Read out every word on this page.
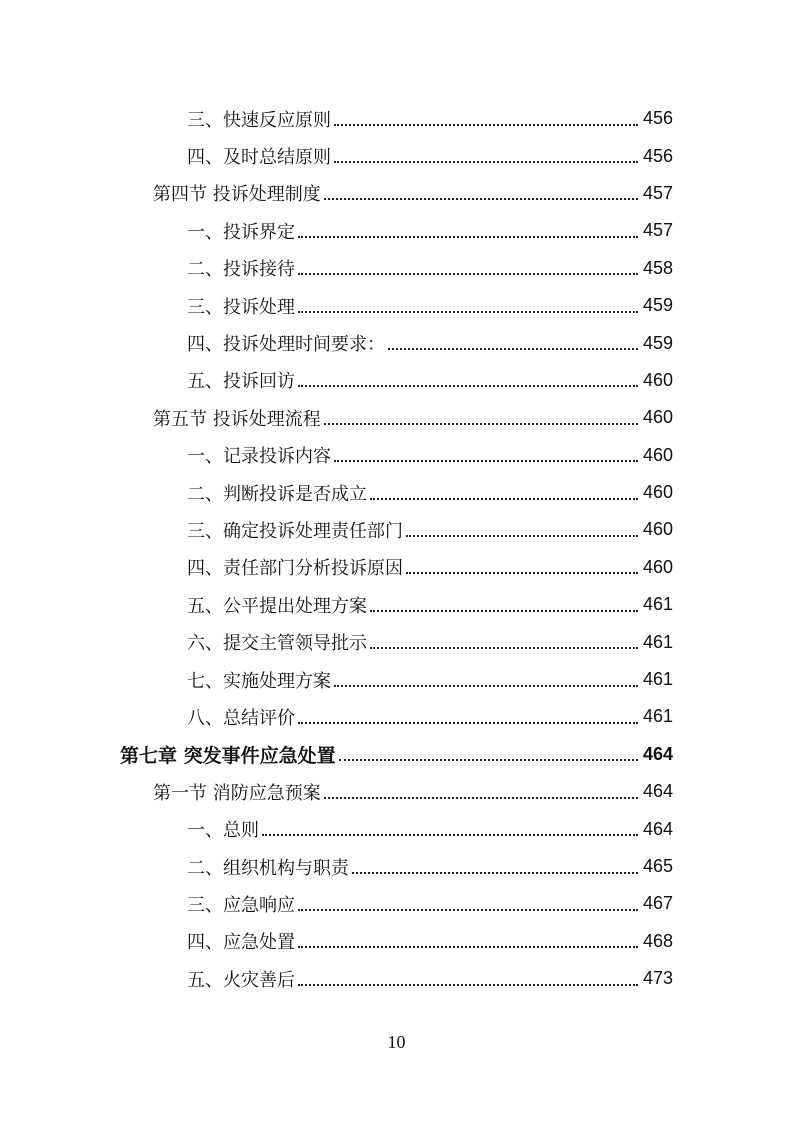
三、快速反应原则	456
四、及时总结原则	456
第四节 投诉处理制度	457
一、投诉界定	457
二、投诉接待	458
三、投诉处理	459
四、投诉处理时间要求：	459
五、投诉回访	460
第五节 投诉处理流程	460
一、记录投诉内容	460
二、判断投诉是否成立	460
三、确定投诉处理责任部门	460
四、责任部门分析投诉原因	460
五、公平提出处理方案	461
六、提交主管领导批示	461
七、实施处理方案	461
八、总结评价	461
第七章 突发事件应急处置	464
第一节 消防应急预案	464
一、总则	464
二、组织机构与职责	465
三、应急响应	467
四、应急处置	468
五、火灾善后	473
10
